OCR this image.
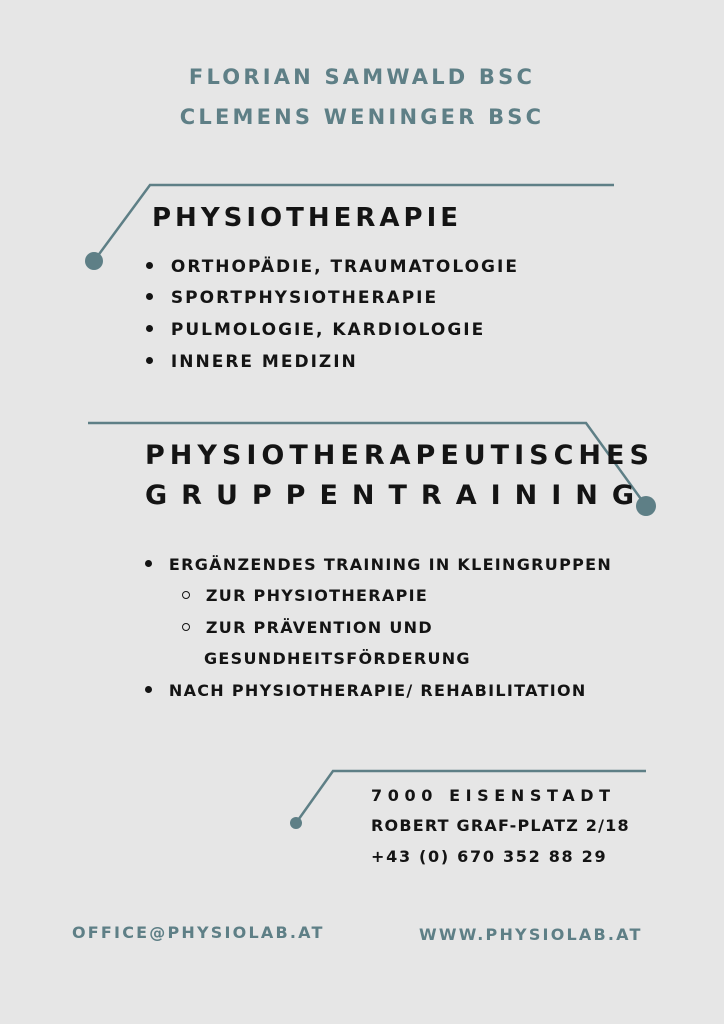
FLORIAN SAMWALD BSC
CLEMENS WENINGER BSC
PHYSIOTHERAPIE
ORTHOPÄDIE, TRAUMATOLOGIE
SPORTPHYSIOTHERAPIE
PULMOLOGIE, KARDIOLOGIE
INNERE MEDIZIN
PHYSIOTHERAPEUTISCHES
GRUPPENTRAINING
ERGÄNZENDES TRAINING IN KLEINGRUPPEN
ZUR PHYSIOTHERAPIE
ZUR PRÄVENTION UND
GESUNDHEITSFÖRDERUNG
NACH PHYSIOTHERAPIE/ REHABILITATION
7000 EISENSTADT
ROBERT GRAF-PLATZ 2/18
+43 (0) 670 352 88 29
OFFICE@PHYSIOLAB.AT	WWW.PHYSIOLAB.AT
